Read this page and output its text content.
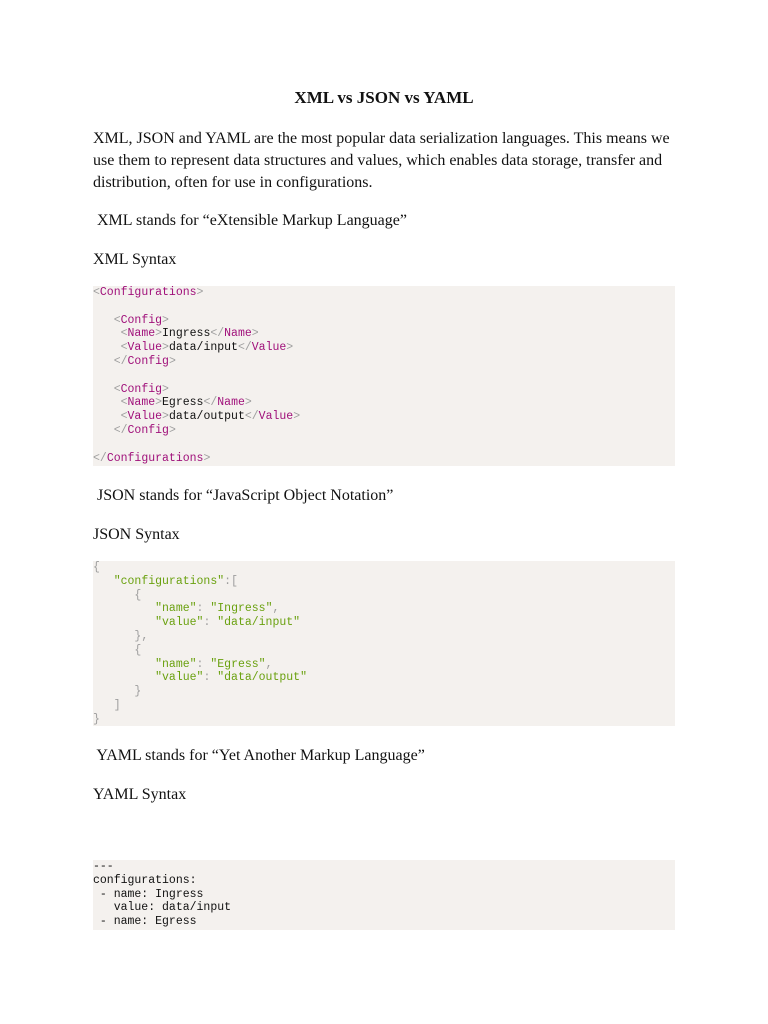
XML vs JSON vs YAML
XML, JSON and YAML are the most popular data serialization languages. This means we use them to represent data structures and values, which enables data storage, transfer and distribution, often for use in configurations.
XML stands for “eXtensible Markup Language”
XML Syntax
<Configurations>
<Config>
<Name>Ingress</Name>
<Value>data/input</Value>
</Config>
<Config>
<Name>Egress</Name>
<Value>data/output</Value>
</Config>
</Configurations>
JSON stands for “JavaScript Object Notation”
JSON Syntax
{
"configurations":[
{
"name": "Ingress",
"value": "data/input"
},
{
"name": "Egress",
"value": "data/output"
}
]
}
YAML stands for “Yet Another Markup Language”
YAML Syntax
---
configurations:
- name: Ingress
value: data/input
- name: Egress
